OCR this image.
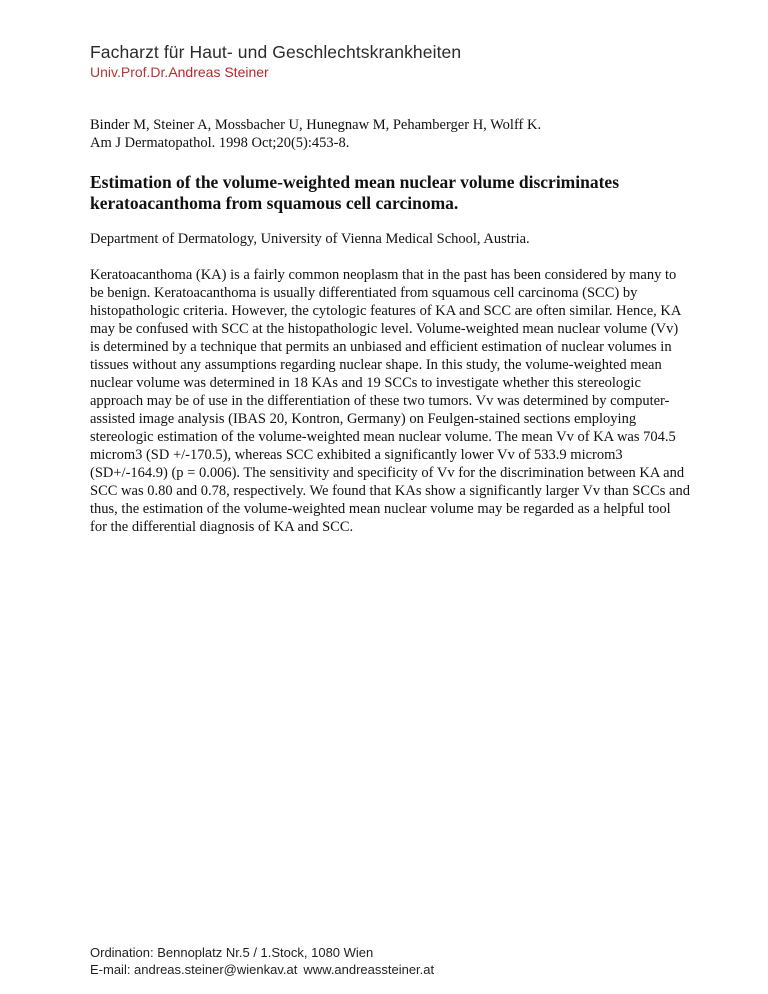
Facharzt für Haut- und Geschlechtskrankheiten
Univ.Prof.Dr.Andreas Steiner

Binder M, Steiner A, Mossbacher U, Hunegnaw M, Pehamberger H, Wolff K.

Am J Dermatopathol. 1998 Oct;20(5):453-8.

Estimation of the volume-weighted mean nuclear volume discriminates keratoacanthoma from squamous cell carcinoma.

Department of Dermatology, University of Vienna Medical School, Austria.

Keratoacanthoma (KA) is a fairly common neoplasm that in the past has been considered by many to be benign. Keratoacanthoma is usually differentiated from squamous cell carcinoma (SCC) by histopathologic criteria. However, the cytologic features of KA and SCC are often similar. Hence, KA may be confused with SCC at the histopathologic level. Volume-weighted mean nuclear volume (Vv) is determined by a technique that permits an unbiased and efficient estimation of nuclear volumes in tissues without any assumptions regarding nuclear shape. In this study, the volume-weighted mean nuclear volume was determined in 18 KAs and 19 SCCs to investigate whether this stereologic approach may be of use in the differentiation of these two tumors. Vv was determined by computer-assisted image analysis (IBAS 20, Kontron, Germany) on Feulgen-stained sections employing stereologic estimation of the volume-weighted mean nuclear volume. The mean Vv of KA was 704.5 microm3 (SD +/-170.5), whereas SCC exhibited a significantly lower Vv of 533.9 microm3 (SD+/-164.9) (p = 0.006). The sensitivity and specificity of Vv for the discrimination between KA and SCC was 0.80 and 0.78, respectively. We found that KAs show a significantly larger Vv than SCCs and thus, the estimation of the volume-weighted mean nuclear volume may be regarded as a helpful tool for the differential diagnosis of KA and SCC.

Ordination: Bennoplatz Nr.5 / 1.Stock, 1080 Wien
E-mail: andreas.steiner@wienkav.at www.andreassteiner.at
